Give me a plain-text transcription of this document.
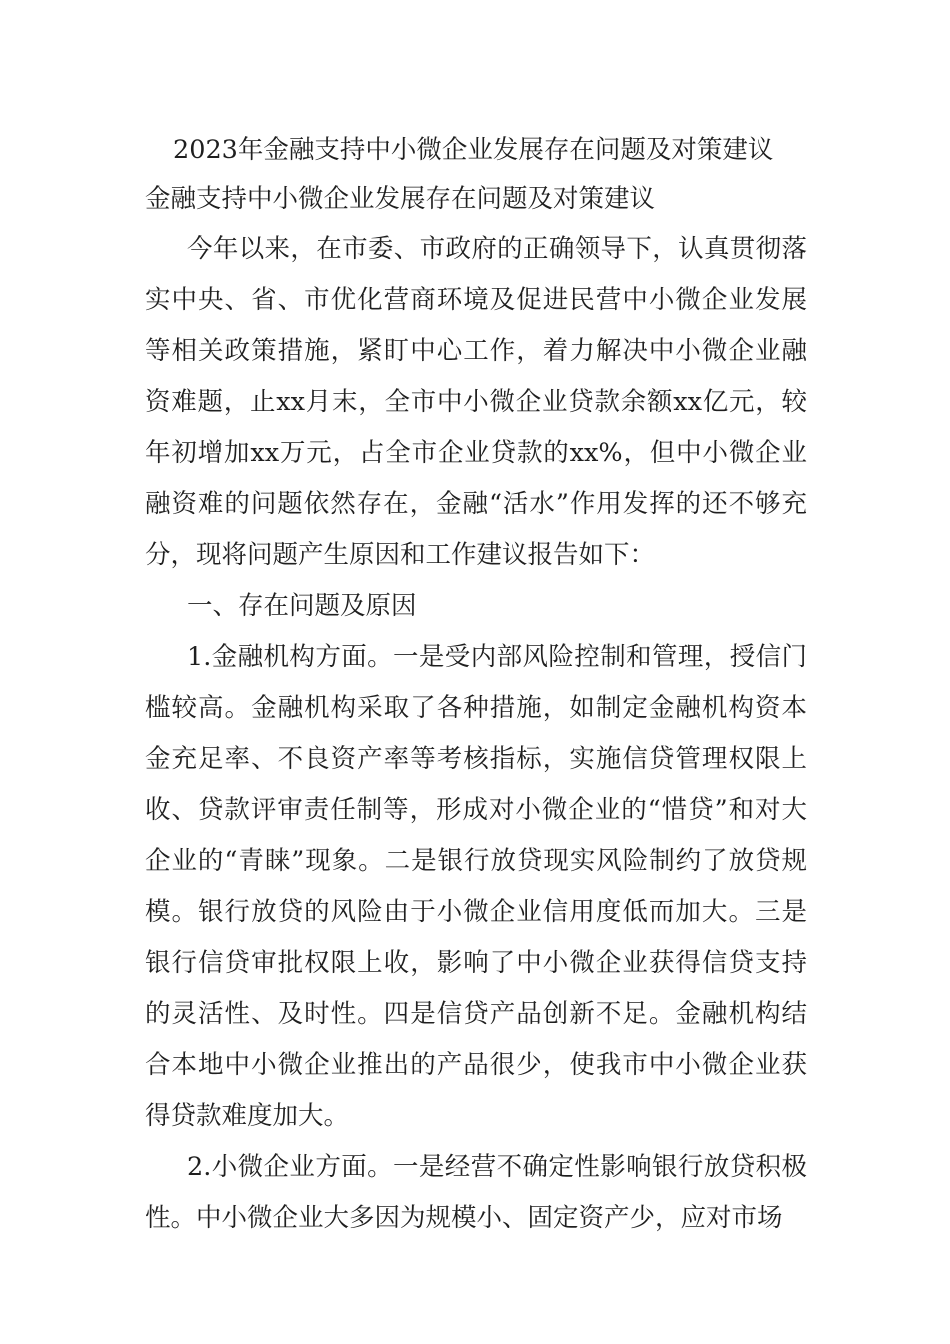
2023年金融支持中小微企业发展存在问题及对策建议
金融支持中小微企业发展存在问题及对策建议

今年以来，在市委、市政府的正确领导下，认真贯彻落实中央、省、市优化营商环境及促进民营中小微企业发展等相关政策措施，紧盯中心工作，着力解决中小微企业融资难题，止xx月末，全市中小微企业贷款余额xx亿元，较年初增加xx万元，占全市企业贷款的xx%，但中小微企业融资难的问题依然存在，金融“活水”作用发挥的还不够充分，现将问题产生原因和工作建议报告如下：

一、存在问题及原因

1.金融机构方面。一是受内部风险控制和管理，授信门槛较高。金融机构采取了各种措施，如制定金融机构资本金充足率、不良资产率等考核指标，实施信贷管理权限上收、贷款评审责任制等，形成对小微企业的“惜贷”和对大企业的“青睐”现象。二是银行放贷现实风险制约了放贷规模。银行放贷的风险由于小微企业信用度低而加大。三是银行信贷审批权限上收，影响了中小微企业获得信贷支持的灵活性、及时性。四是信贷产品创新不足。金融机构结合本地中小微企业推出的产品很少，使我市中小微企业获得贷款难度加大。

2.小微企业方面。一是经营不确定性影响银行放贷积极性。中小微企业大多因为规模小、固定资产少，应对市场
